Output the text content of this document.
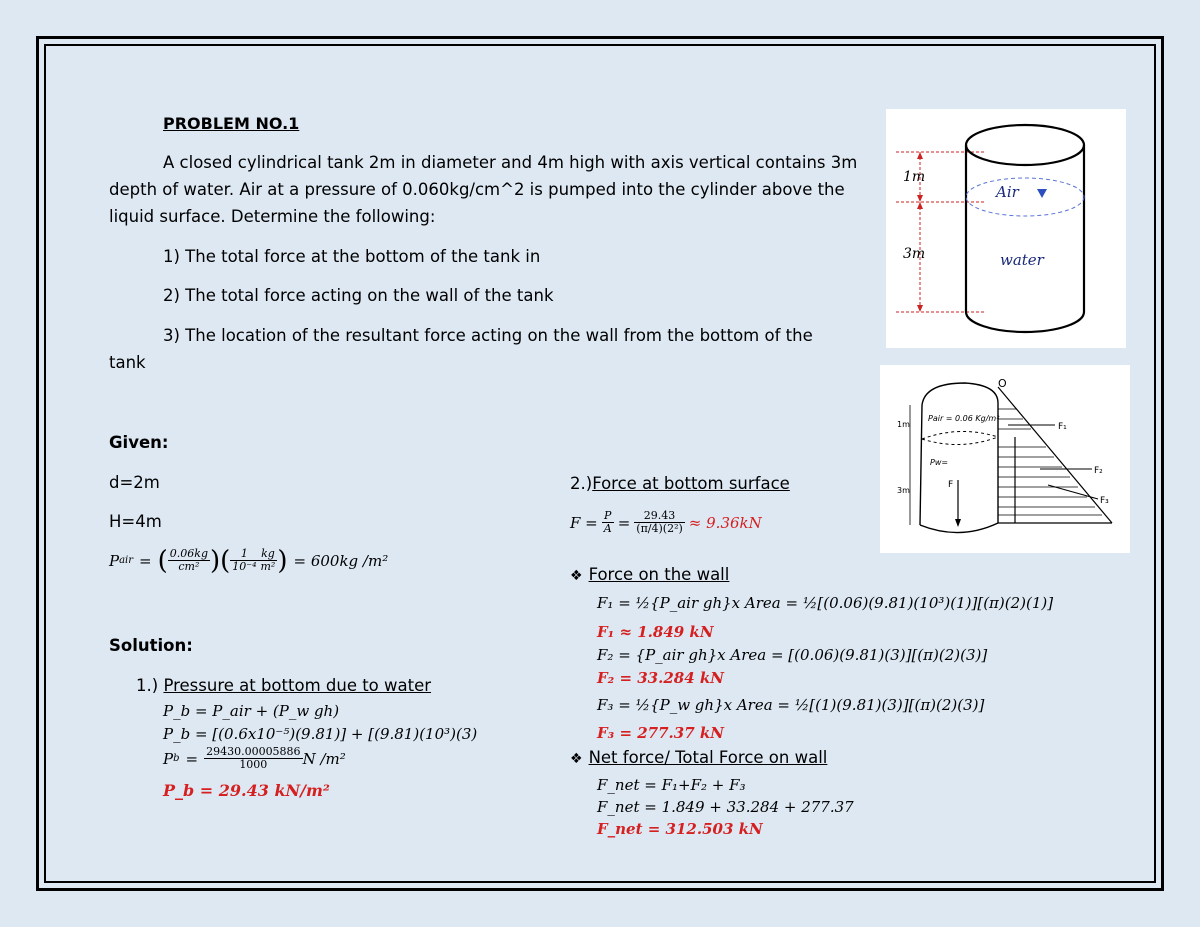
PROBLEM NO.1
A closed cylindrical tank 2m in diameter and 4m high with axis vertical contains 3m
depth of water. Air at a pressure of 0.060kg/cm^2 is pumped into the cylinder above the
liquid surface. Determine the following:
1) The total force at the bottom of the tank in
2) The total force acting on the wall of the tank
3) The location of the resultant force acting on the wall from the bottom of the
tank
Given:
d=2m
H=4m
P air = ( $\frac{0.06kg}{\text{cm²}}$ )( $\frac{1}{\text{10⁻⁴}} \frac{kg}{\text{m²}}$ ) = 600kg /m²
Solution:
1.) Pressure at bottom due to water
P_b = P_air + (P_w gh)
P_b = [(0.6x10⁻⁵)(9.81)] + [(9.81)(10³)(3)
P $b = \frac{29430.00005886}{1000}$ N /m²
P_b = 29.43 kN/m²
2.)Force at bottom surface
$F = \frac{P}{A} = \frac{29.43}{\text{(π/4)(2²)}} \approx 9.36kN$
❖ Force on the wall
F₁ = ½{P_air gh}x Area = ½[(0.06)(9.81)(10³)(1)][(π)(2)(1)]
F₁ ≈ 1.849 kN
F₂ = {P_air gh}x Area = [(0.06)(9.81)(3)][(π)(2)(3)]
F₂ = 33.284 kN
F₃ = ½{P_w gh}x Area = ½[(1)(9.81)(3)][(π)(2)(3)]
F₃ = 277.37 kN
❖ Net force/ Total Force on wall
F_net = F₁+F₂ + F₃
F_net = 1.849 + 33.284 + 277.37
F_net = 312.503 kN
1m
3m
Air
water
1m
3m
O
Pair = 0.06 Kg/m²
Pw=
F
F₁
F₂
F₃
